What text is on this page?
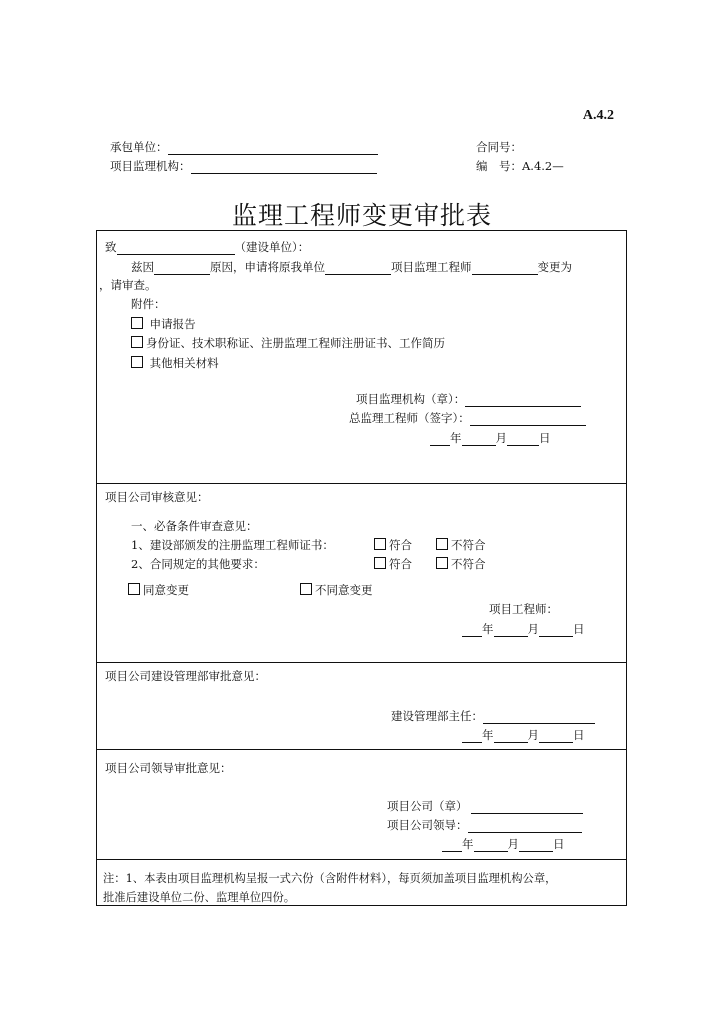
A.4.2
承包单位：
项目监理机构：
合同号：
编　号：A.4.2—
监理工程师变更审批表
致	（建设单位）：
兹因	原因，申请将原我单位	项目监理工程师	变更为
，请审查。
附件：
申请报告
身份证、技术职称证、注册监理工程师注册证书、工作简历
其他相关材料
项目监理机构（章）：
总监理工程师（签字）：
年	月	日
项目公司审核意见：
一、必备条件审查意见：
1、建设部颁发的注册监理工程师证书：	符合	不符合
2、合同规定的其他要求：	符合	不符合
同意变更	不同意变更
项目工程师：
年	月	日
项目公司建设管理部审批意见：
建设管理部主任：
年	月	日
项目公司领导审批意见：
项目公司（章）
项目公司领导：
年	月	日
注：1、本表由项目监理机构呈报一式六份（含附件材料），每页须加盖项目监理机构公章，
批准后建设单位二份、监理单位四份。
